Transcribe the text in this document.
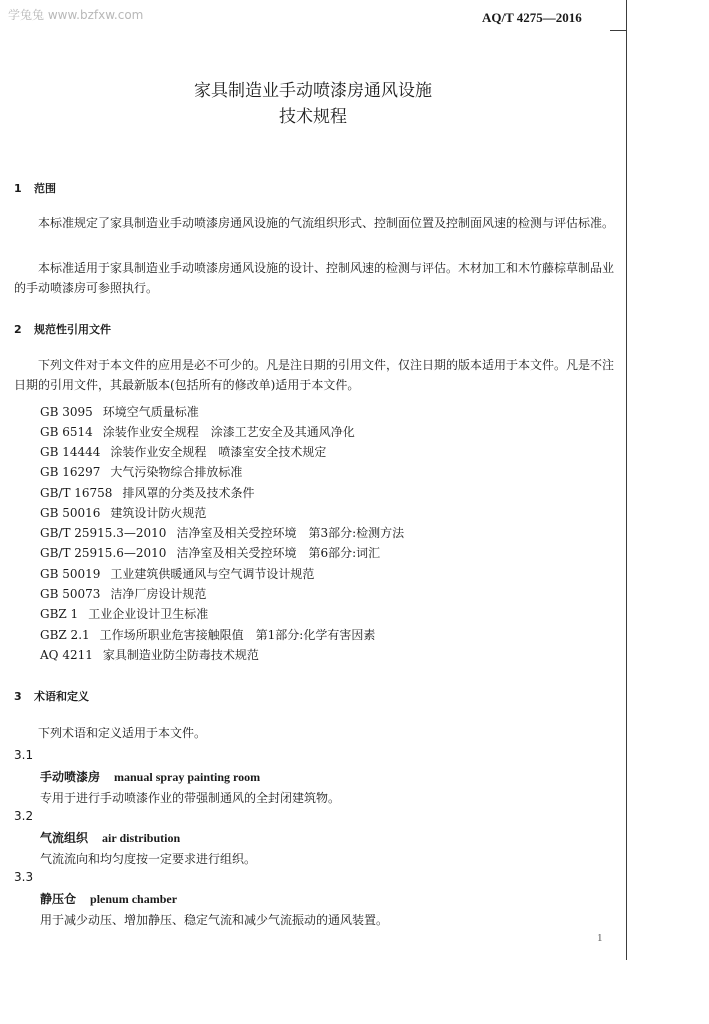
学兔兔 www.bzfxw.com	AQ/T 4275—2016
家具制造业手动喷漆房通风设施
技术规程
1 范围
本标准规定了家具制造业手动喷漆房通风设施的气流组织形式、控制面位置及控制面风速的检测与评估标准。
本标准适用于家具制造业手动喷漆房通风设施的设计、控制风速的检测与评估。木材加工和木竹藤棕草制品业的手动喷漆房可参照执行。
2 规范性引用文件
下列文件对于本文件的应用是必不可少的。凡是注日期的引用文件，仅注日期的版本适用于本文件。凡是不注日期的引用文件，其最新版本(包括所有的修改单)适用于本文件。
GB 3095 环境空气质量标准
GB 6514 涂装作业安全规程　涂漆工艺安全及其通风净化
GB 14444 涂装作业安全规程　喷漆室安全技术规定
GB 16297 大气污染物综合排放标准
GB/T 16758 排风罩的分类及技术条件
GB 50016 建筑设计防火规范
GB/T 25915.3—2010 洁净室及相关受控环境　第3部分:检测方法
GB/T 25915.6—2010 洁净室及相关受控环境　第6部分:词汇
GB 50019 工业建筑供暖通风与空气调节设计规范
GB 50073 洁净厂房设计规范
GBZ 1 工业企业设计卫生标准
GBZ 2.1 工作场所职业危害接触限值　第1部分:化学有害因素
AQ 4211 家具制造业防尘防毒技术规范
3 术语和定义
下列术语和定义适用于本文件。
3.1
手动喷漆房 manual spray painting room
专用于进行手动喷漆作业的带强制通风的全封闭建筑物。
3.2
气流组织 air distribution
气流流向和均匀度按一定要求进行组织。
3.3
静压仓 plenum chamber
用于减少动压、增加静压、稳定气流和减少气流振动的通风装置。
1
